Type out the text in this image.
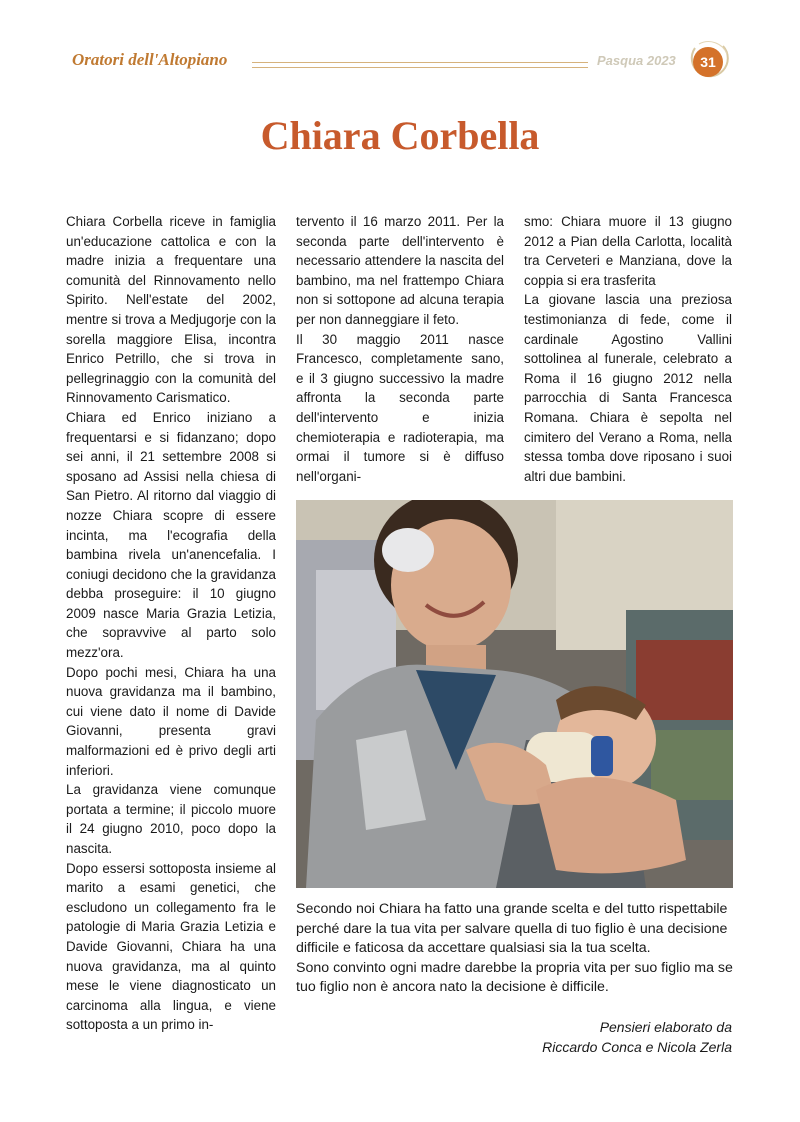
Oratori dell'Altopiano	Pasqua 2023	31
Chiara Corbella

Chiara Corbella riceve in famiglia un'educazione cattolica e con la madre inizia a frequentare una comunità del Rinnovamento nello Spirito. Nell'estate del 2002, mentre si trova a Medjugorje con la sorella maggiore Elisa, incontra Enrico Petrillo, che si trova in pellegrinaggio con la comunità del Rinnovamento Carismatico.

Chiara ed Enrico iniziano a frequentarsi e si fidanzano; dopo sei anni, il 21 settembre 2008 si sposano ad Assisi nella chiesa di San Pietro. Al ritorno dal viaggio di nozze Chiara scopre di essere incinta, ma l'ecografia della bambina rivela un'anencefalia. I coniugi decidono che la gravidanza debba proseguire: il 10 giugno 2009 nasce Maria Grazia Letizia, che sopravvive al parto solo mezz'ora.

Dopo pochi mesi, Chiara ha una nuova gravidanza ma il bambino, cui viene dato il nome di Davide Giovanni, presenta gravi malformazioni ed è privo degli arti inferiori.

La gravidanza viene comunque portata a termine; il piccolo muore il 24 giugno 2010, poco dopo la nascita.

Dopo essersi sottoposta insieme al marito a esami genetici, che escludono un collegamento fra le patologie di Maria Grazia Letizia e Davide Giovanni, Chiara ha una nuova gravidanza, ma al quinto mese le viene diagnosticato un carcinoma alla lingua, e viene sottoposta a un primo in-

tervento il 16 marzo 2011. Per la seconda parte dell'intervento è necessario attendere la nascita del bambino, ma nel frattempo Chiara non si sottopone ad alcuna terapia per non danneggiare il feto.

Il 30 maggio 2011 nasce Francesco, completamente sano, e il 3 giugno successivo la madre affronta la seconda parte dell'intervento e inizia chemioterapia e radioterapia, ma ormai il tumore si è diffuso nell'organi-

smo: Chiara muore il 13 giugno 2012 a Pian della Carlotta, località tra Cerveteri e Manziana, dove la coppia si era trasferita

La giovane lascia una preziosa testimonianza di fede, come il cardinale Agostino Vallini sottolinea al funerale, celebrato a Roma il 16 giugno 2012 nella parrocchia di Santa Francesca Romana. Chiara è sepolta nel cimitero del Verano a Roma, nella stessa tomba dove riposano i suoi altri due bambini.

Secondo noi Chiara ha fatto una grande scelta e del tutto rispettabile perché dare la tua vita per salvare quella di tuo figlio è una decisione difficile e faticosa da accettare qualsiasi sia la tua scelta.

Sono convinto ogni madre darebbe la propria vita per suo figlio ma se tuo figlio non è ancora nato la decisione è difficile.

Pensieri elaborato da
Riccardo Conca e Nicola Zerla
